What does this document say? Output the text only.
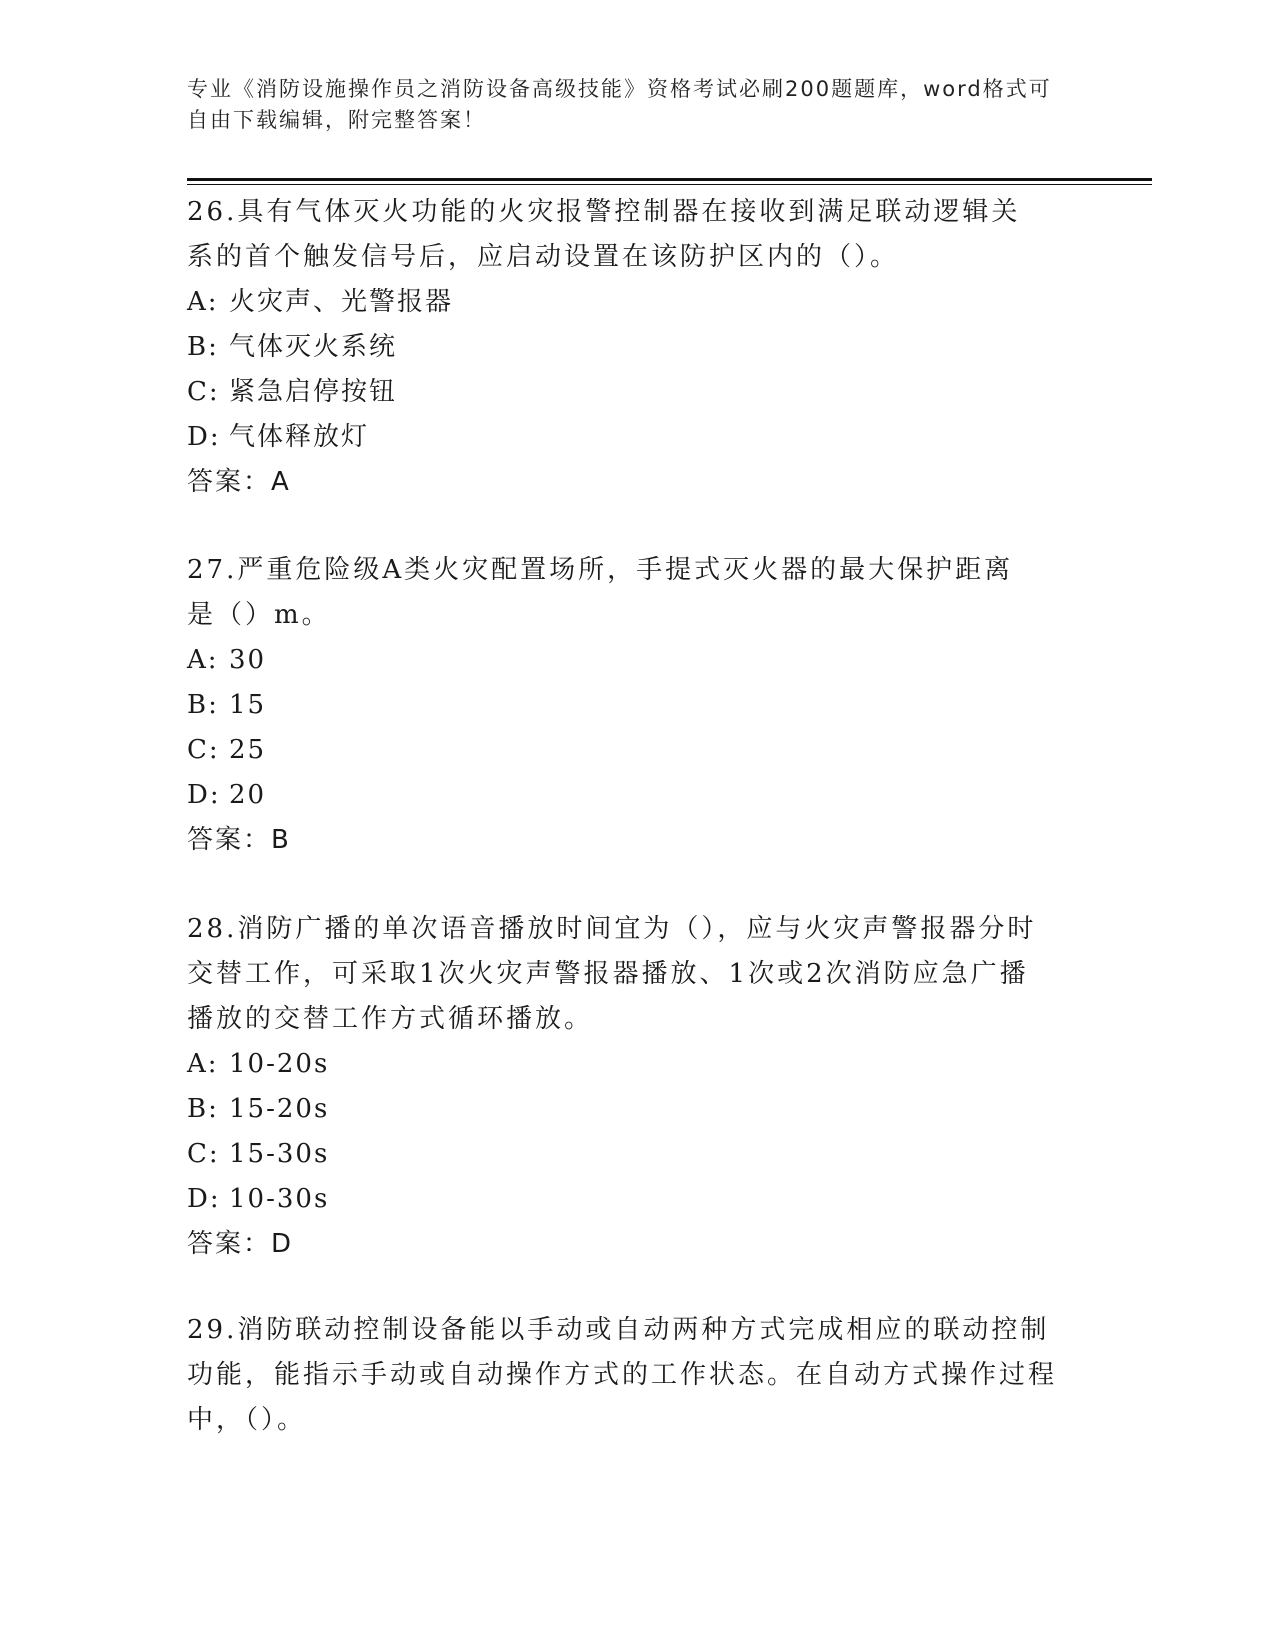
专业《消防设施操作员之消防设备高级技能》资格考试必刷200题题库，word格式可自由下载编辑，附完整答案！

26.具有气体灭火功能的火灾报警控制器在接收到满足联动逻辑关系的首个触发信号后，应启动设置在该防护区内的（）。

A: 火灾声、光警报器

B: 气体灭火系统

C: 紧急启停按钮

D: 气体释放灯

答案：A

27.严重危险级A类火灾配置场所，手提式灭火器的最大保护距离是（）m。

A: 30

B: 15

C: 25

D: 20

答案：B

28.消防广播的单次语音播放时间宜为（），应与火灾声警报器分时交替工作，可采取1次火灾声警报器播放、1次或2次消防应急广播播放的交替工作方式循环播放。

A: 10-20s

B: 15-20s

C: 15-30s

D: 10-30s

答案：D

29.消防联动控制设备能以手动或自动两种方式完成相应的联动控制功能，能指示手动或自动操作方式的工作状态。在自动方式操作过程中，（）。
